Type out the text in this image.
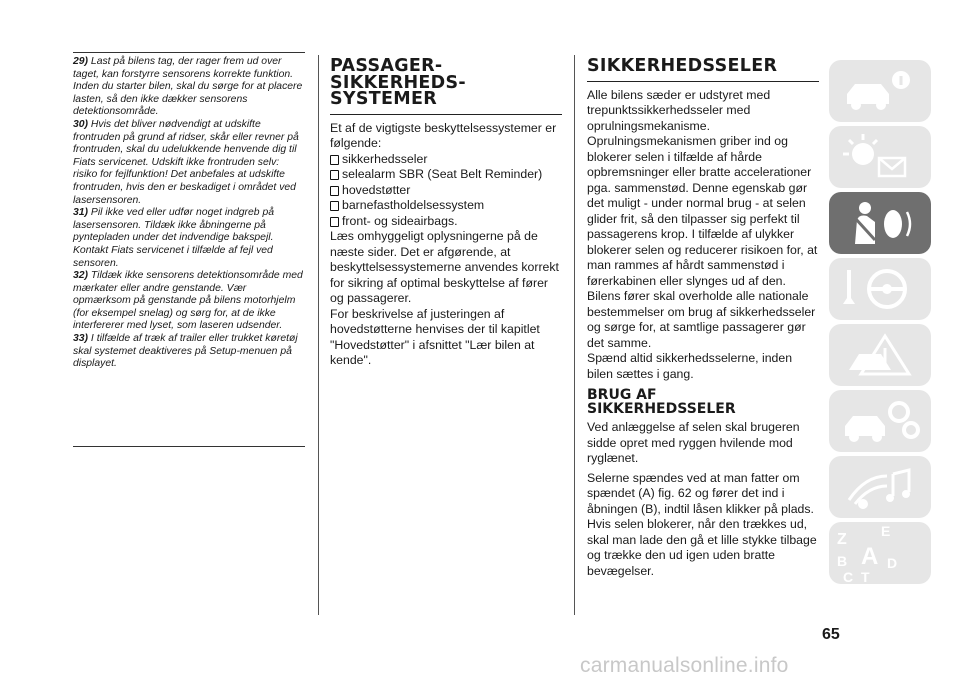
29) Last på bilens tag, der rager frem ud over taget, kan forstyrre sensorens korrekte funktion. Inden du starter bilen, skal du sørge for at placere lasten, så den ikke dækker sensorens detektionsområde.

30) Hvis det bliver nødvendigt at udskifte frontruden på grund af ridser, skår eller revner på frontruden, skal du udelukkende henvende dig til Fiats servicenet. Udskift ikke frontruden selv: risiko for fejlfunktion! Det anbefales at udskifte frontruden, hvis den er beskadiget i området ved lasersensoren.

31) Pil ikke ved eller udfør noget indgreb på lasersensoren. Tildæk ikke åbningerne på pyntepladen under det indvendige bakspejl. Kontakt Fiats servicenet i tilfælde af fejl ved sensoren.

32) Tildæk ikke sensorens detektionsområde med mærkater eller andre genstande. Vær opmærksom på genstande på bilens motorhjelm (for eksempel snelag) og sørg for, at de ikke interfererer med lyset, som laseren udsender.

33) I tilfælde af træk af trailer eller trukket køretøj skal systemet deaktiveres på Setup-menuen på displayet.

PASSAGER-
SIKKERHEDS-
SYSTEMER

Et af de vigtigste beskyttelsessystemer er følgende:

sikkerhedsseler
selealarm SBR (Seat Belt Reminder)
hovedstøtter
barnefastholdelsessystem
front- og sideairbags.

Læs omhyggeligt oplysningerne på de næste sider. Det er afgørende, at beskyttelsessystemerne anvendes korrekt for sikring af optimal beskyttelse af fører og passagerer.

For beskrivelse af justeringen af hovedstøtterne henvises der til kapitlet "Hovedstøtter" i afsnittet "Lær bilen at kende".

SIKKERHEDSSELER

Alle bilens sæder er udstyret med trepunktssikkerhedsseler med oprulningsmekanisme. Oprulningsmekanismen griber ind og blokerer selen i tilfælde af hårde opbremsninger eller bratte accelerationer pga. sammenstød. Denne egenskab gør det muligt - under normal brug - at selen glider frit, så den tilpasser sig perfekt til passagerens krop. I tilfælde af ulykker blokerer selen og reducerer risikoen for, at man rammes af hårdt sammenstød i førerkabinen eller slynges ud af den.

Bilens fører skal overholde alle nationale bestemmelser om brug af sikkerhedsseler og sørge for, at samtlige passagerer gør det samme.

Spænd altid sikkerhedsselerne, inden bilen sættes i gang.

BRUG AF
SIKKERHEDSSELER

Ved anlæggelse af selen skal brugeren sidde opret med ryggen hvilende mod ryglænet.

Selerne spændes ved at man fatter om spændet (A) fig. 62 og fører det ind i åbningen (B), indtil låsen klikker på plads. Hvis selen blokerer, når den trækkes ud, skal man lade den gå et lille stykke tilbage og trække den ud igen uden bratte bevægelser.

Z E
B A
C T
D
65
carmanualsonline.info
